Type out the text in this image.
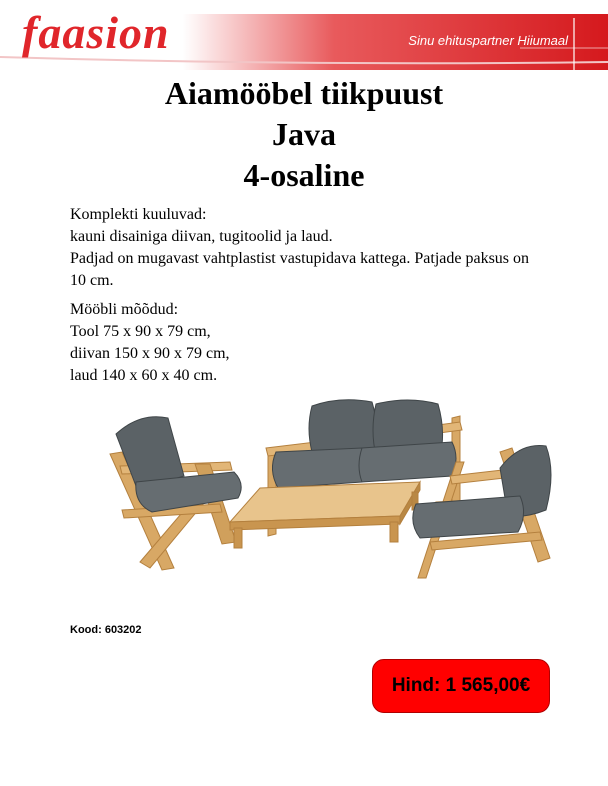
faasion	Sinu ehituspartner Hiiumaal
Aiamööbel tiikpuust
Java
4-osaline

Komplekti kuuluvad:

kauni disainiga diivan, tugitoolid ja laud.

Padjad on mugavast vahtplastist vastupidava kattega. Patjade paksus on 10 cm.

Mööbli mõõdud:

Tool 75 x 90 x 79 cm,

diivan 150 x 90 x 79 cm,

laud 140 x 60 x 40 cm.

Kood: 603202
Hind: 1 565,00€
